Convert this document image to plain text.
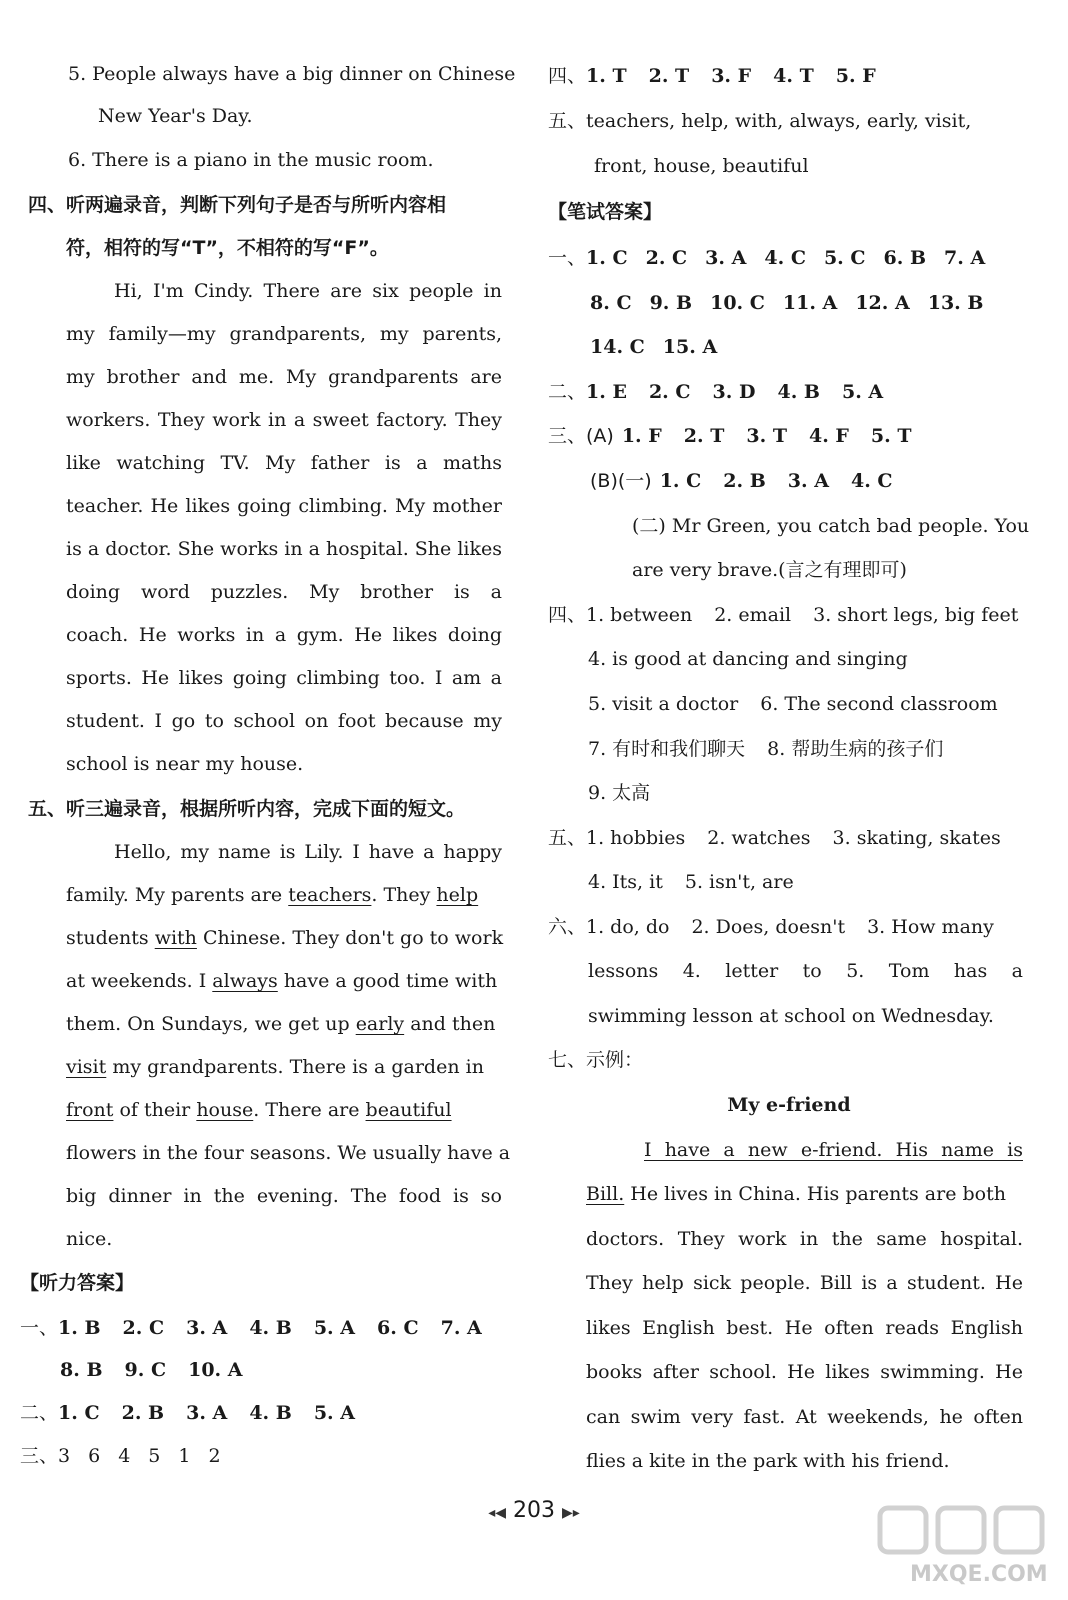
5. People always have a big dinner on Chinese
New Year's Day.
6. There is a piano in the music room.
四、听两遍录音，判断下列句子是否与所听内容相
符，相符的写“T”，不相符的写“F”。
Hi, I'm Cindy. There are six people in
my family—my grandparents, my parents,
my brother and me. My grandparents are
workers. They work in a sweet factory. They
like watching TV. My father is a maths
teacher. He likes going climbing. My mother
is a doctor. She works in a hospital. She likes
doing word puzzles. My brother is a
coach. He works in a gym. He likes doing
sports. He likes going climbing too. I am a
student. I go to school on foot because my
school is near my house.
五、听三遍录音，根据所听内容，完成下面的短文。
Hello, my name is Lily. I have a happy
family. My parents are teachers. They help
students with Chinese. They don't go to work
at weekends. I always have a good time with
them. On Sundays, we get up early and then
visit my grandparents. There is a garden in
front of their house. There are beautiful
flowers in the four seasons. We usually have a
big dinner in the evening. The food is so
nice.
【听力答案】
一、1. B 2. C 3. A 4. B 5. A 6. C 7. A
8. B 9. C 10. A
二、1. C 2. B 3. A 4. B 5. A
三、3 6 4 5 1 2
四、1. T 2. T 3. F 4. T 5. F
五、teachers, help, with, always, early, visit,
front, house, beautiful
【笔试答案】
一、1. C 2. C 3. A 4. C 5. C 6. B 7. A
8. C 9. B 10. C 11. A 12. A 13. B
14. C 15. A
二、1. E 2. C 3. D 4. B 5. A
三、(A) 1. F 2. T 3. T 4. F 5. T
(B)(一) 1. C 2. B 3. A 4. C
(二) Mr Green, you catch bad people. You
are very brave.(言之有理即可)
四、1. between 2. email 3. short legs, big feet
4. is good at dancing and singing
5. visit a doctor 6. The second classroom
7. 有时和我们聊天 8. 帮助生病的孩子们
9. 太高
五、1. hobbies 2. watches 3. skating, skates
4. Its, it 5. isn't, are
六、1. do, do 2. Does, doesn't 3. How many
lessons 4. letter to 5. Tom has a
swimming lesson at school on Wednesday.
七、示例：
My e-friend
I have a new e-friend. His name is
Bill. He lives in China. His parents are both
doctors. They work in the same hospital.
They help sick people. Bill is a student. He
likes English best. He often reads English
books after school. He likes swimming. He
can swim very fast. At weekends, he often
flies a kite in the park with his friend.
◂◀ 203 ▶▸
MXQE.COM
